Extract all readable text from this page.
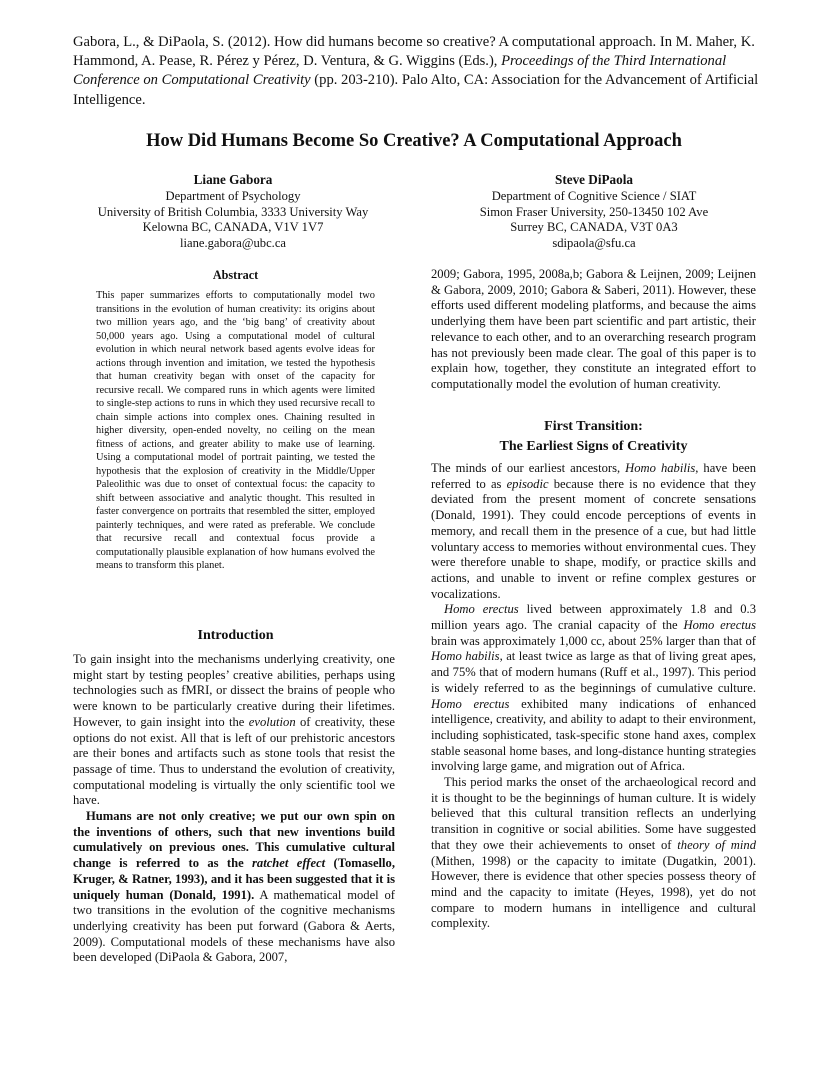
Gabora, L., & DiPaola, S. (2012). How did humans become so creative? A computational approach. In M. Maher, K. Hammond, A. Pease, R. Pérez y Pérez, D. Ventura, & G. Wiggins (Eds.), Proceedings of the Third International Conference on Computational Creativity (pp. 203-210). Palo Alto, CA: Association for the Advancement of Artificial Intelligence.
How Did Humans Become So Creative? A Computational Approach
Liane Gabora
Department of Psychology
University of British Columbia, 3333 University Way
Kelowna BC, CANADA, V1V 1V7
liane.gabora@ubc.ca
Steve DiPaola
Department of Cognitive Science / SIAT
Simon Fraser University, 250-13450 102 Ave
Surrey BC, CANADA, V3T 0A3
sdipaola@sfu.ca
Abstract
This paper summarizes efforts to computationally model two transitions in the evolution of human creativity: its origins about two million years ago, and the ‘big bang’ of creativity about 50,000 years ago. Using a computational model of cultural evolution in which neural network based agents evolve ideas for actions through invention and imitation, we tested the hypothesis that human creativity began with onset of the capacity for recursive recall. We compared runs in which agents were limited to single-step actions to runs in which they used recursive recall to chain simple actions into complex ones. Chaining resulted in higher diversity, open-ended novelty, no ceiling on the mean fitness of actions, and greater ability to make use of learning. Using a computational model of portrait painting, we tested the hypothesis that the explosion of creativity in the Middle/Upper Paleolithic was due to onset of contextual focus: the capacity to shift between associative and analytic thought. This resulted in faster convergence on portraits that resembled the sitter, employed painterly techniques, and were rated as preferable. We conclude that recursive recall and contextual focus provide a computationally plausible explanation of how humans evolved the means to transform this planet.
Introduction

To gain insight into the mechanisms underlying creativity, one might start by testing peoples’ creative abilities, perhaps using technologies such as fMRI, or dissect the brains of people who were known to be particularly creative during their lifetimes. However, to gain insight into the evolution of creativity, these options do not exist. All that is left of our prehistoric ancestors are their bones and artifacts such as stone tools that resist the passage of time. Thus to understand the evolution of creativity, computational modeling is virtually the only scientific tool we have.

Humans are not only creative; we put our own spin on the inventions of others, such that new inventions build cumulatively on previous ones. This cumulative cultural change is referred to as the ratchet effect (Tomasello, Kruger, & Ratner, 1993), and it has been suggested that it is uniquely human (Donald, 1991). A mathematical model of two transitions in the evolution of the cognitive mechanisms underlying creativity has been put forward (Gabora & Aerts, 2009). Computational models of these mechanisms have also been developed (DiPaola & Gabora, 2007,

2009; Gabora, 1995, 2008a,b; Gabora & Leijnen, 2009; Leijnen & Gabora, 2009, 2010; Gabora & Saberi, 2011). However, these efforts used different modeling platforms, and because the aims underlying them have been part scientific and part artistic, their relevance to each other, and to an overarching research program has not previously been made clear. The goal of this paper is to explain how, together, they constitute an integrated effort to computationally model the evolution of human creativity.
First Transition:
The Earliest Signs of Creativity

The minds of our earliest ancestors, Homo habilis, have been referred to as episodic because there is no evidence that they deviated from the present moment of concrete sensations (Donald, 1991). They could encode perceptions of events in memory, and recall them in the presence of a cue, but had little voluntary access to memories without environmental cues. They were therefore unable to shape, modify, or practice skills and actions, and unable to invent or refine complex gestures or vocalizations.

Homo erectus lived between approximately 1.8 and 0.3 million years ago. The cranial capacity of the Homo erectus brain was approximately 1,000 cc, about 25% larger than that of Homo habilis, at least twice as large as that of living great apes, and 75% that of modern humans (Ruff et al., 1997). This period is widely referred to as the beginnings of cumulative culture. Homo erectus exhibited many indications of enhanced intelligence, creativity, and ability to adapt to their environment, including sophisticated, task-specific stone hand axes, complex stable seasonal home bases, and long-distance hunting strategies involving large game, and migration out of Africa.

This period marks the onset of the archaeological record and it is thought to be the beginnings of human culture. It is widely believed that this cultural transition reflects an underlying transition in cognitive or social abilities. Some have suggested that they owe their achievements to onset of theory of mind (Mithen, 1998) or the capacity to imitate (Dugatkin, 2001). However, there is evidence that other species possess theory of mind and the capacity to imitate (Heyes, 1998), yet do not compare to modern humans in intelligence and cultural complexity.
